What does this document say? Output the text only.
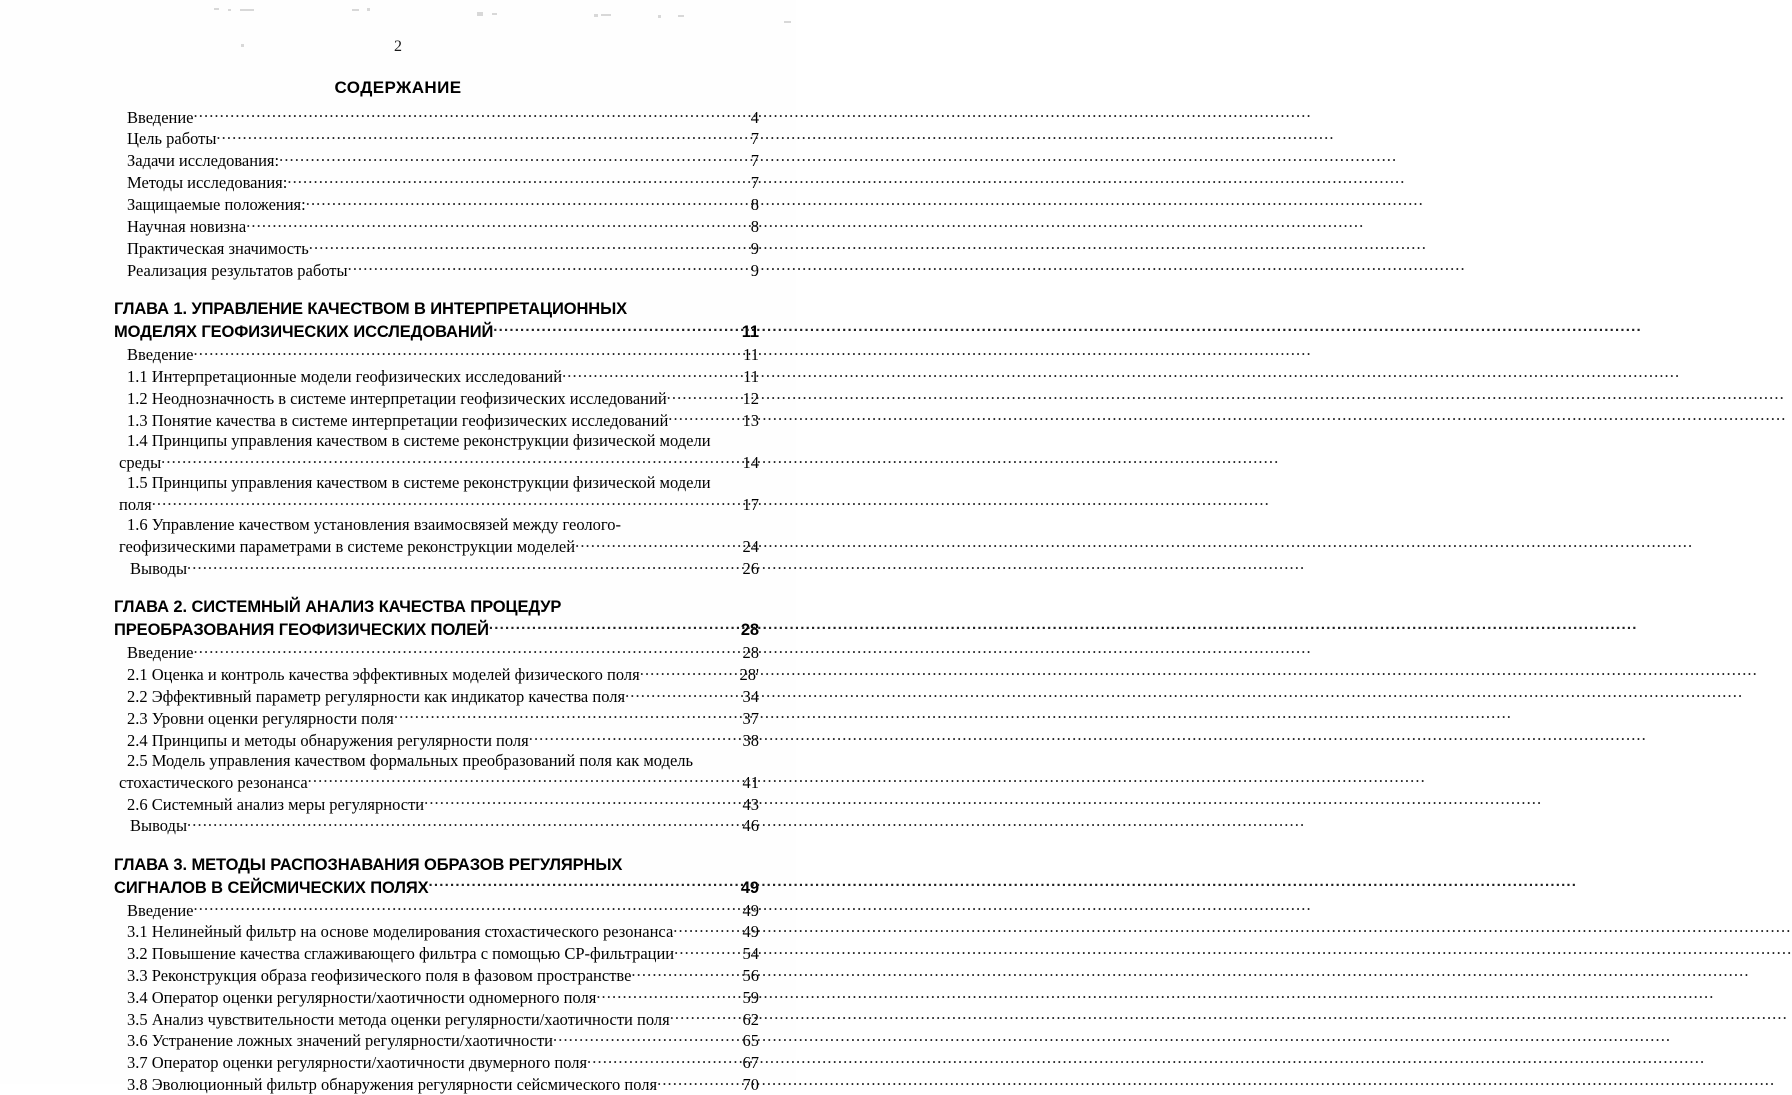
2
СОДЕРЖАНИЕ
Введение .....	4
Цель работы .....	7
Задачи исследования: .....	7
Методы исследования: .....	7
Защищаемые положения: .....	8
Научная новизна .....	8
Практическая значимость .....	9
Реализация результатов работы .....	9
ГЛАВА 1. УПРАВЛЕНИЕ КАЧЕСТВОМ В ИНТЕРПРЕТАЦИОННЫХ
МОДЕЛЯХ ГЕОФИЗИЧЕСКИХ ИССЛЕДОВАНИЙ .....	11
Введение .....	11
1.1 Интерпретационные модели геофизических исследований .....	11
1.2 Неоднозначность в системе интерпретации геофизических исследований .....	12
1.3 Понятие качества в системе интерпретации геофизических исследований .....	13
1.4 Принципы управления качеством в системе реконструкции физической модели
среды .....	14
1.5 Принципы управления качеством в системе реконструкции физической модели
поля .....	17
1.6 Управление качеством установления взаимосвязей между геолого-
геофизическими параметрами в системе реконструкции моделей .....	24
Выводы .....	26
ГЛАВА 2. СИСТЕМНЫЙ АНАЛИЗ КАЧЕСТВА ПРОЦЕДУР
ПРЕОБРАЗОВАНИЯ ГЕОФИЗИЧЕСКИХ ПОЛЕЙ .....	28
Введение .....	28
2.1 Оценка и контроль качества эффективных моделей физического поля .....	28'
2.2 Эффективный параметр регулярности как индикатор качества поля .....	34
2.3 Уровни оценки регулярности поля .....	37
2.4 Принципы и методы обнаружения регулярности поля .....	38
2.5 Модель управления качеством формальных преобразований поля как модель
стохастического резонанса .....	41
2.6 Системный анализ меры регулярности .....	43
Выводы .....	46
ГЛАВА 3. МЕТОДЫ РАСПОЗНАВАНИЯ ОБРАЗОВ РЕГУЛЯРНЫХ
СИГНАЛОВ В СЕЙСМИЧЕСКИХ ПОЛЯХ .....	49
Введение .....	49
3.1 Нелинейный фильтр на основе моделирования стохастического резонанса .....	49
3.2 Повышение качества сглаживающего фильтра с помощью СР-фильтрации .....	54
3.3 Реконструкция образа геофизического поля в фазовом пространстве .....	56
3.4 Оператор оценки регулярности/хаотичности одномерного поля .....	59
3.5 Анализ чувствительности метода оценки регулярности/хаотичности поля .....	62
3.6 Устранение ложных значений регулярности/хаотичности .....	65
3.7 Оператор оценки регулярности/хаотичности двумерного поля .....	67
3.8 Эволюционный фильтр обнаружения регулярности сейсмического поля .....	70
